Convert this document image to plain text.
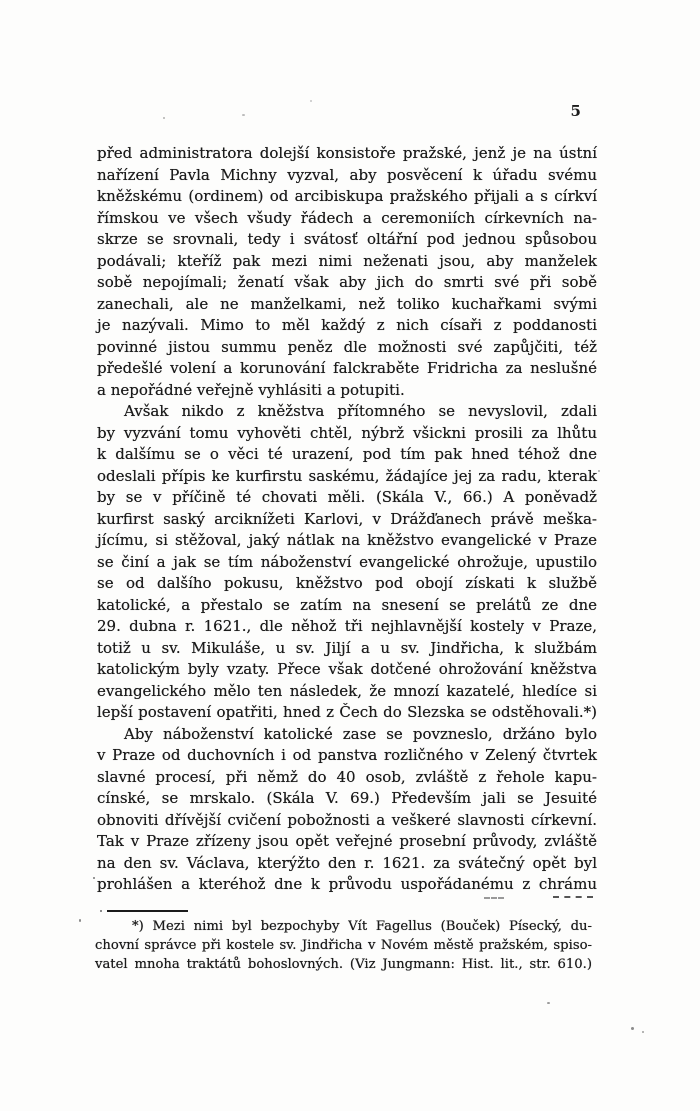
5
před administratora dolejší konsistoře pražské, jenž je na ústní
nařízení Pavla Michny vyzval, aby posvěcení k úřadu svému
kněžskému (ordinem) od arcibiskupa pražského přijali a s církví
římskou ve všech všudy řádech a ceremoniích církevních na-
skrze se srovnali, tedy i svátosť oltářní pod jednou spůsobou
podávali; kteříž pak mezi nimi neženati jsou, aby manželek
sobě nepojímali; ženatí však aby jich do smrti své při sobě
zanechali, ale ne manželkami, než toliko kuchařkami svými
je nazývali. Mimo to měl každý z nich císaři z poddanosti
povinné jistou summu peněz dle možnosti své zapůjčiti, též
předešlé volení a korunování falckraběte Fridricha za neslušné
a nepořádné veřejně vyhlásiti a potupiti.
Avšak nikdo z kněžstva přítomného se nevyslovil, zdali
by vyzvání tomu vyhověti chtěl, nýbrž všickni prosili za lhůtu
k dalšímu se o věci té urazení, pod tím pak hned téhož dne
odeslali přípis ke kurfirstu saskému, žádajíce jej za radu, kterak
by se v příčině té chovati měli. (Skála V., 66.) A poněvadž
kurfirst saský arciknížeti Karlovi, v Drážďanech právě meška-
jícímu, si stěžoval, jaký nátlak na kněžstvo evangelické v Praze
se činí a jak se tím náboženství evangelické ohrožuje, upustilo
se od dalšího pokusu, kněžstvo pod obojí získati k službě
katolické, a přestalo se zatím na snesení se prelátů ze dne
29. dubna r. 1621., dle něhož tři nejhlavnější kostely v Praze,
totiž u sv. Mikuláše, u sv. Jiljí a u sv. Jindřicha, k službám
katolickým byly vzaty. Přece však dotčené ohrožování kněžstva
evangelického mělo ten následek, že mnozí kazatelé, hledíce si
lepší postavení opatřiti, hned z Čech do Slezska se odstěhovali.*)
Aby náboženství katolické zase se povzneslo, držáno bylo
v Praze od duchovních i od panstva rozličného v Zelený čtvrtek
slavné procesí, při němž do 40 osob, zvláště z řehole kapu-
cínské, se mrskalo. (Skála V. 69.) Především jali se Jesuité
obnoviti dřívější cvičení pobožnosti a veškeré slavnosti církevní.
Tak v Praze zřízeny jsou opět veřejné prosební průvody, zvláště
na den sv. Václava, kterýžto den r. 1621. za svátečný opět byl
prohlášen a kteréhož dne k průvodu uspořádanému z chrámu
*) Mezi nimi byl bezpochyby Vít Fagellus (Bouček) Písecký, du-
chovní správce při kostele sv. Jindřicha v Novém městě pražském, spiso-
vatel mnoha traktátů bohoslovných. (Viz Jungmann: Hist. lit., str. 610.)
